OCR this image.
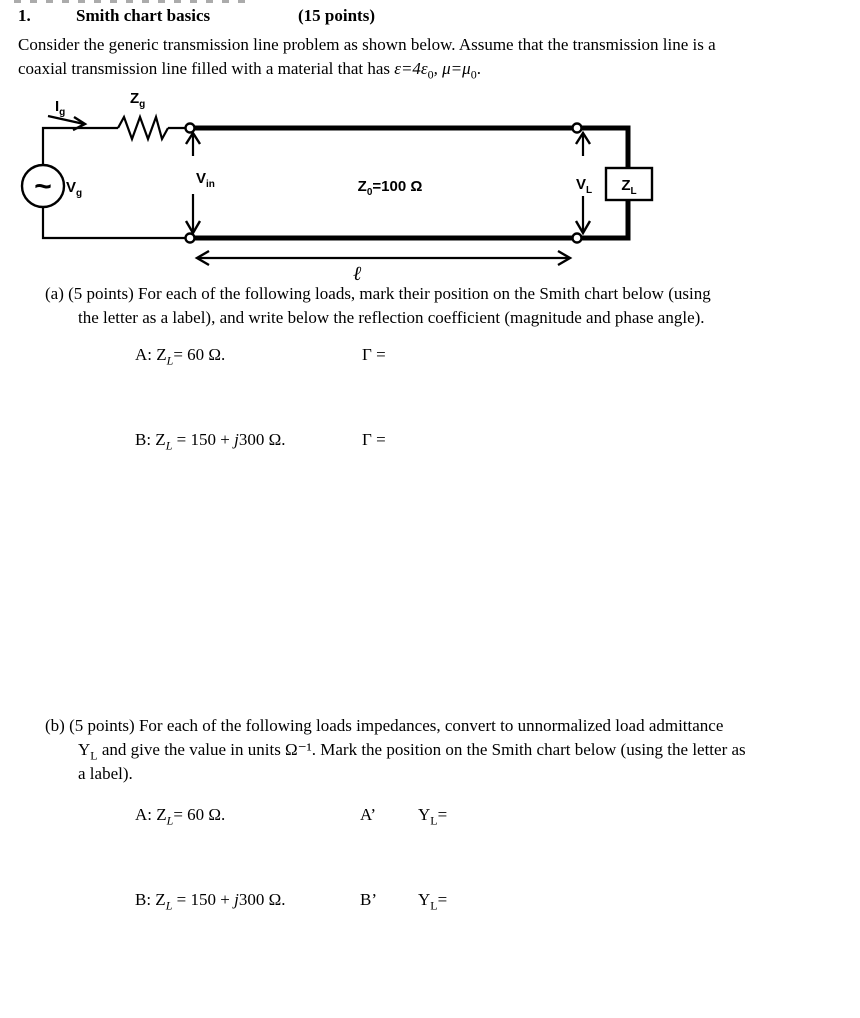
1.	Smith chart basics	(15 points)
Consider the generic transmission line problem as shown below. Assume that the transmission line is a
coaxial transmission line filled with a material that has $\varepsilon=4\varepsilon_0$, $\mu=\mu_0$.
~	$Z_L$
$I_g$
$Z_g$
$V_g$
$V_{in}$	$Z_0=100$ Ω	$V_L$
ℓ
(a) (5 points) For each of the following loads, mark their position on the Smith chart below (using
the letter as a label), and write below the reflection coefficient (magnitude and phase angle).
A: $Z_L= 60$ Ω.	Γ =
B: $Z_L = 150 + j300$ Ω.	Γ =
(b) (5 points) For each of the following loads impedances, convert to unnormalized load admittance
$Y_L$ and give the value in units Ω⁻¹. Mark the position on the Smith chart below (using the letter as
a label).
A: $Z_L= 60$ Ω.	A’ $Y_L=$
B: $Z_L = 150 + j300$ Ω.	B’ $Y_L=$
